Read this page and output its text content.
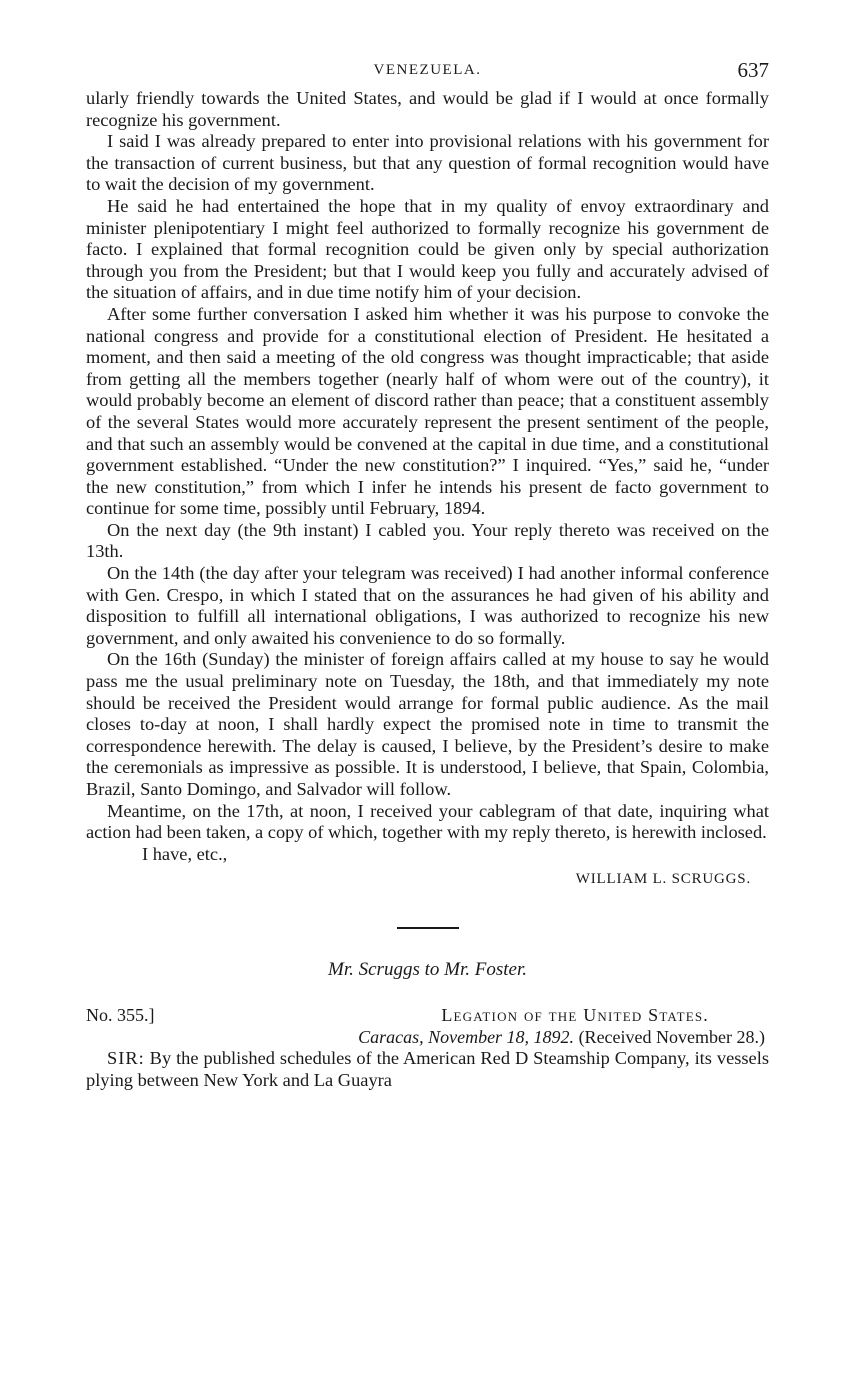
VENEZUELA.	637

ularly friendly towards the United States, and would be glad if I would at once formally recognize his government.

I said I was already prepared to enter into provisional relations with his government for the transaction of current business, but that any question of formal recognition would have to wait the decision of my government.

He said he had entertained the hope that in my quality of envoy extraordinary and minister plenipotentiary I might feel authorized to formally recognize his government de facto. I explained that formal recognition could be given only by special authorization through you from the President; but that I would keep you fully and accurately advised of the situation of affairs, and in due time notify him of your decision.

After some further conversation I asked him whether it was his purpose to convoke the national congress and provide for a constitutional election of President. He hesitated a moment, and then said a meeting of the old congress was thought impracticable; that aside from getting all the members together (nearly half of whom were out of the country), it would probably become an element of discord rather than peace; that a constituent assembly of the several States would more accurately represent the present sentiment of the people, and that such an assembly would be convened at the capital in due time, and a constitutional government established. “Under the new constitution?” I inquired. “Yes,” said he, “under the new constitution,” from which I infer he intends his present de facto government to continue for some time, possibly until February, 1894.

On the next day (the 9th instant) I cabled you. Your reply thereto was received on the 13th.

On the 14th (the day after your telegram was received) I had another informal conference with Gen. Crespo, in which I stated that on the assurances he had given of his ability and disposition to fulfill all international obligations, I was authorized to recognize his new government, and only awaited his convenience to do so formally.

On the 16th (Sunday) the minister of foreign affairs called at my house to say he would pass me the usual preliminary note on Tuesday, the 18th, and that immediately my note should be received the President would arrange for formal public audience. As the mail closes to-day at noon, I shall hardly expect the promised note in time to transmit the correspondence herewith. The delay is caused, I believe, by the President’s desire to make the ceremonials as impressive as possible. It is understood, I believe, that Spain, Colombia, Brazil, Santo Domingo, and Salvador will follow.

Meantime, on the 17th, at noon, I received your cablegram of that date, inquiring what action had been taken, a copy of which, together with my reply thereto, is herewith inclosed.

I have, etc.,
WILLIAM L. SCRUGGS.
Mr. Scruggs to Mr. Foster.
No. 355.]	Legation of the United States.
Caracas, November 18, 1892. (Received November 28.)

SIR: By the published schedules of the American Red D Steamship Company, its vessels plying between New York and La Guayra
